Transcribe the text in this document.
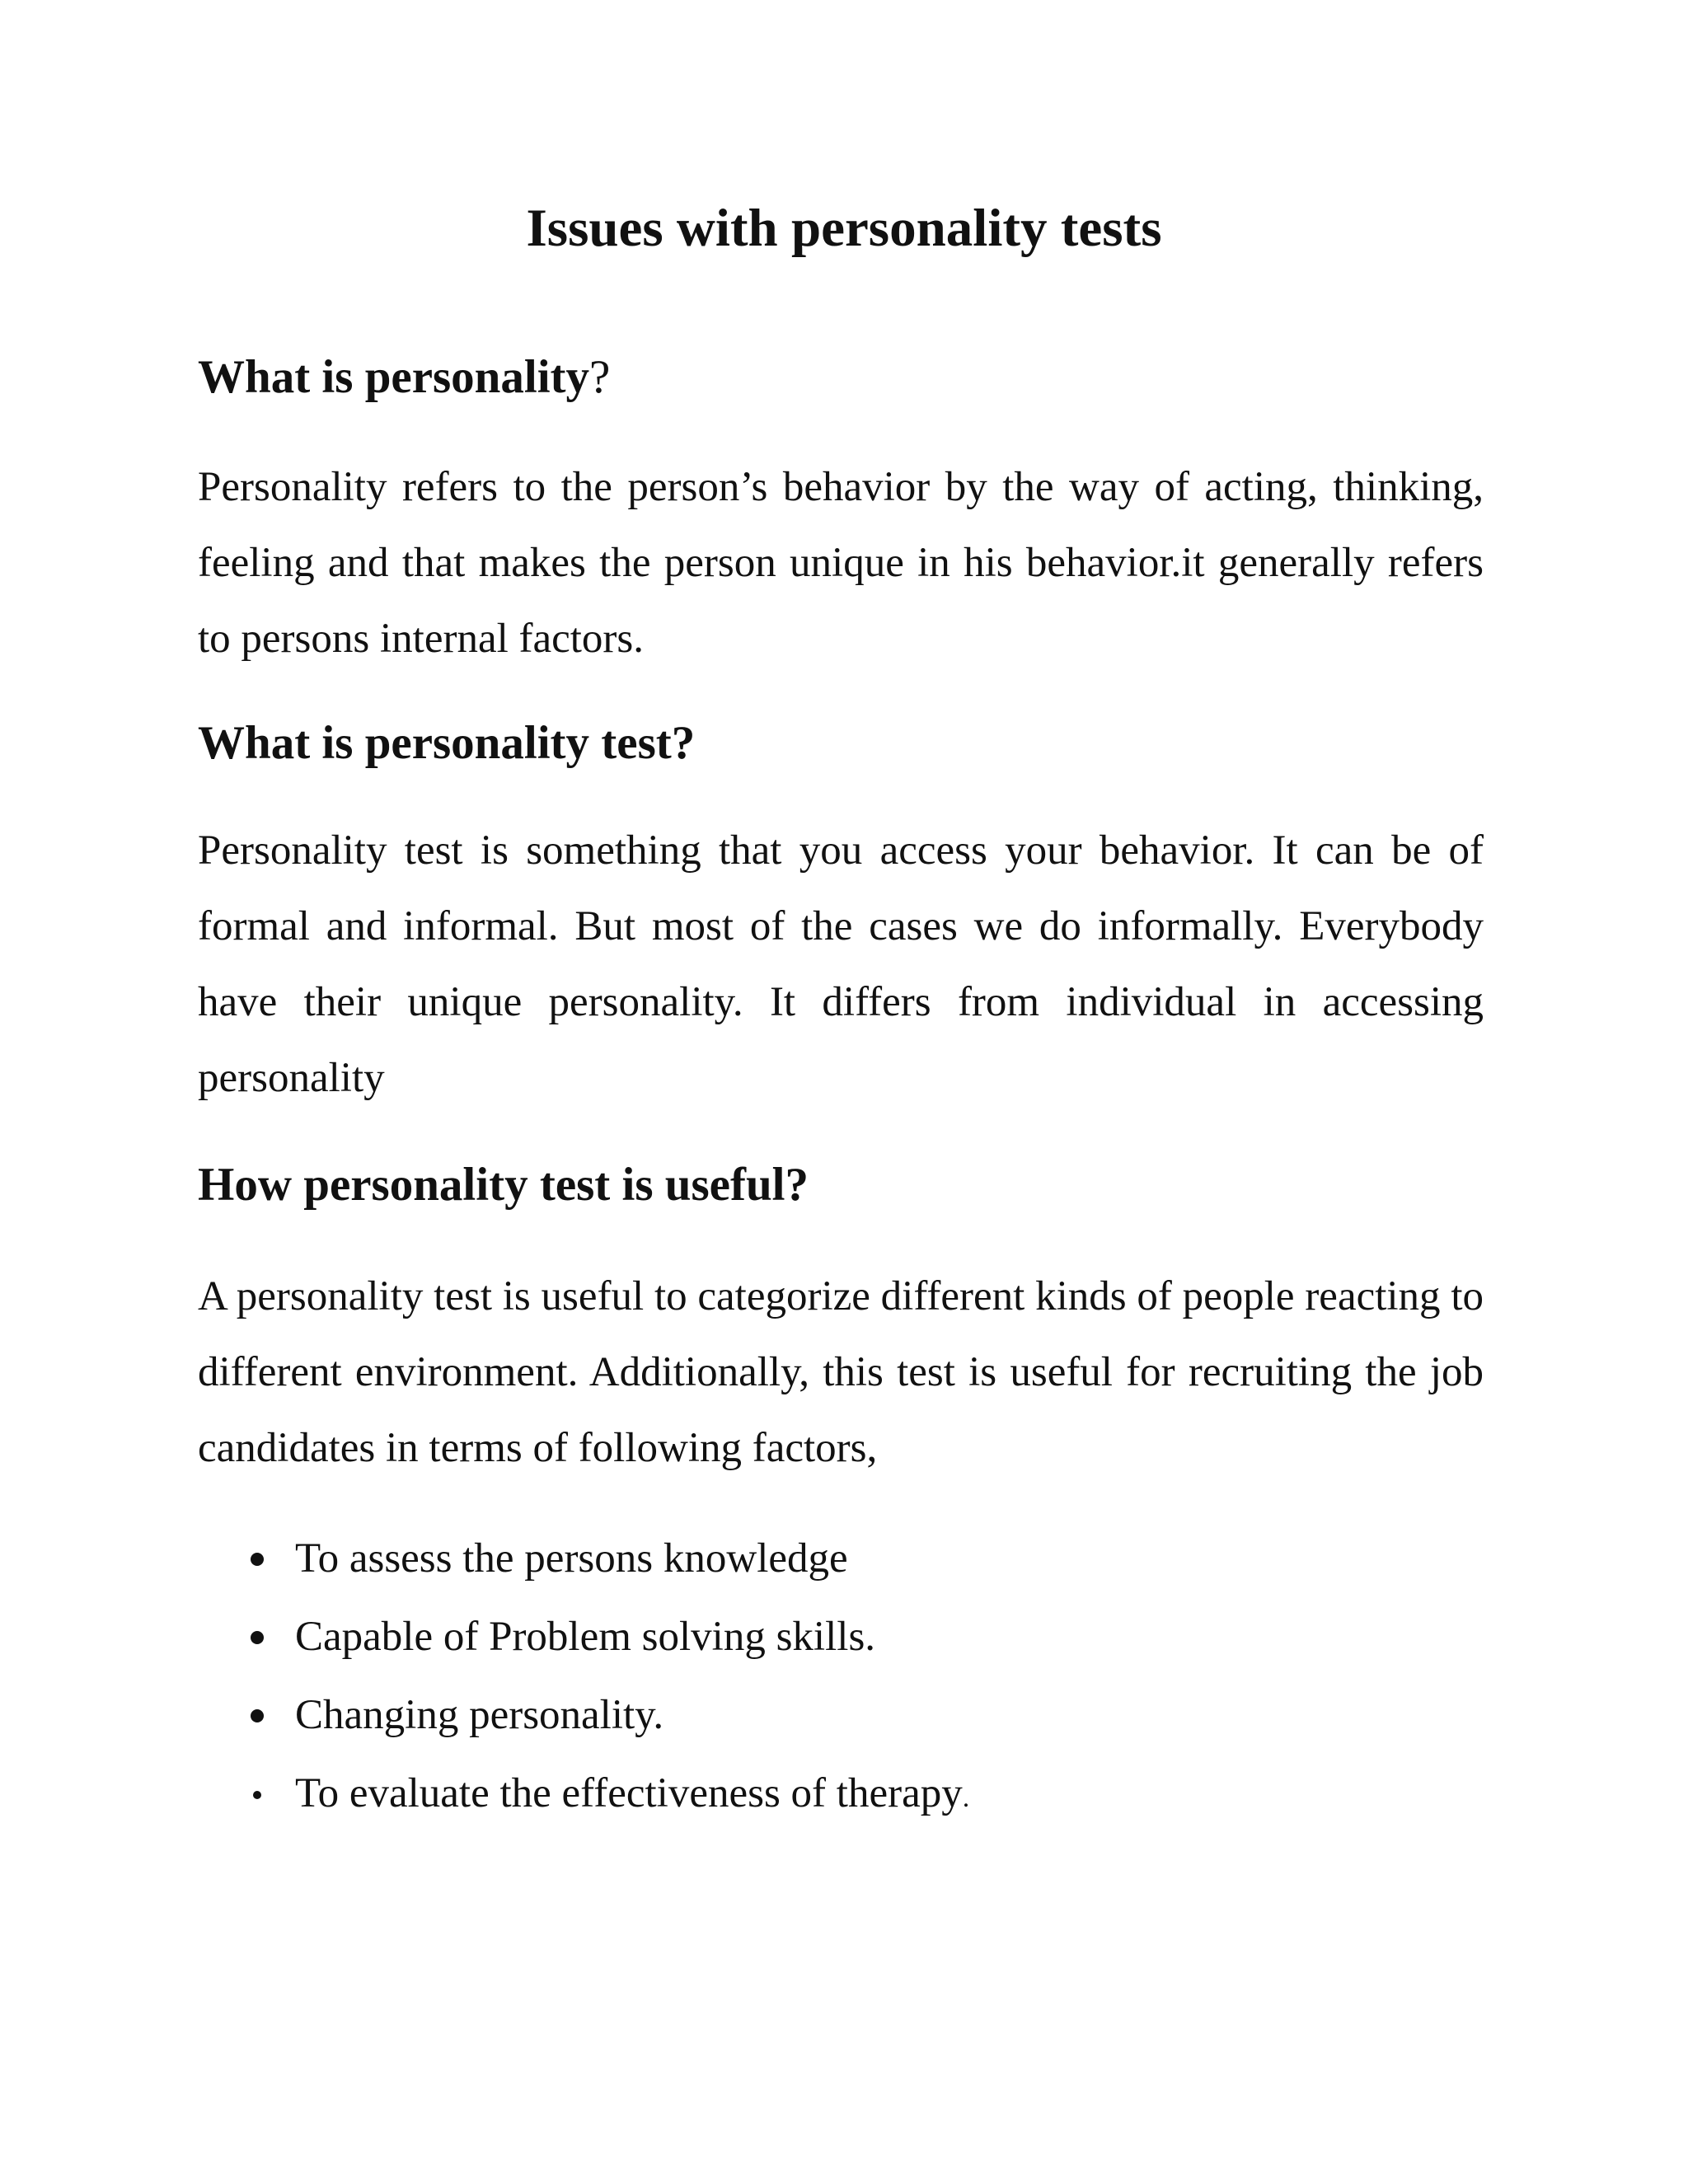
Issues with personality tests
What is personality?

Personality refers to the person’s behavior by the way of acting, thinking, feeling and that makes the person unique in his behavior.it generally refers to persons internal factors.

What is personality test?

Personality test is something that you access your behavior. It can be of formal and informal. But most of the cases we do informally. Everybody have their unique personality. It differs from individual in accessing personality

How personality test is useful?

A personality test is useful to categorize different kinds of people reacting to different environment. Additionally, this test is useful for recruiting the job candidates in terms of following factors,

To assess the persons knowledge
Capable of Problem solving skills.
Changing personality.
To evaluate the effectiveness of therapy.
